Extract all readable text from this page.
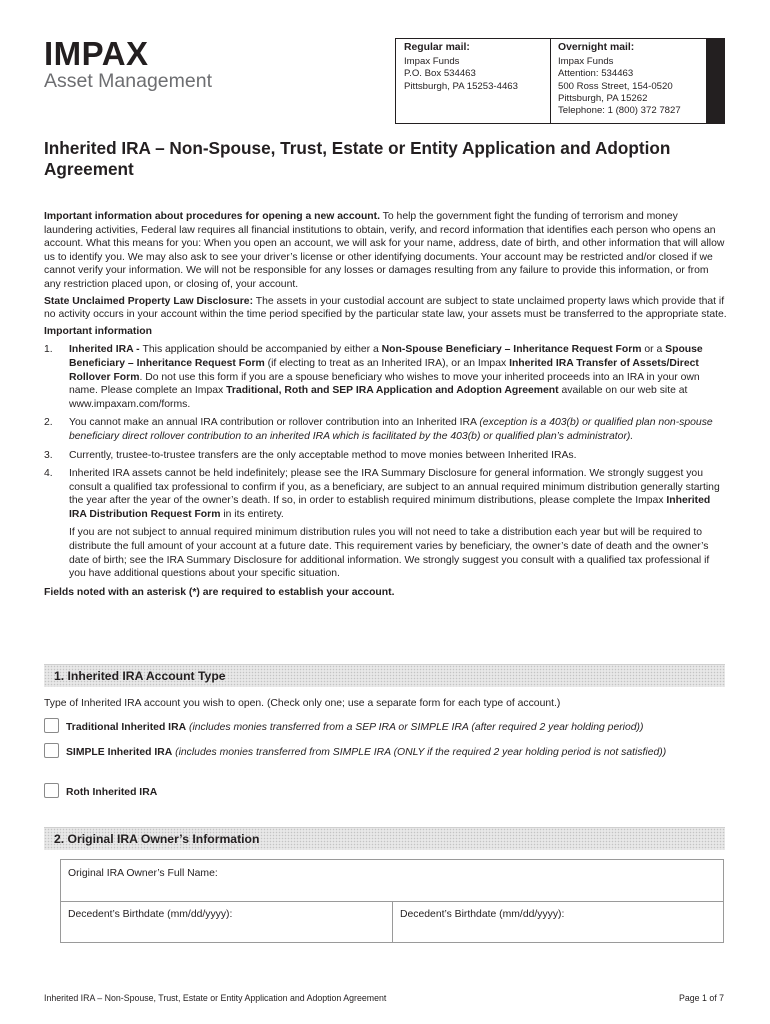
IMPAX
Asset Management
Regular mail:
Impax Funds
P.O. Box 534463
Pittsburgh, PA 15253-4463
Overnight mail:
Impax Funds
Attention: 534463
500 Ross Street, 154-0520
Pittsburgh, PA 15262
Telephone: 1 (800) 372 7827
Inherited IRA – Non-Spouse, Trust, Estate or Entity Application and Adoption Agreement

Important information about procedures for opening a new account. To help the government fight the funding of terrorism and money laundering activities, Federal law requires all financial institutions to obtain, verify, and record information that identifies each person who opens an account. What this means for you: When you open an account, we will ask for your name, address, date of birth, and other information that will allow us to identify you. We may also ask to see your driver’s license or other identifying documents. Your account may be restricted and/or closed if we cannot verify your information. We will not be responsible for any losses or damages resulting from any failure to provide this information, or from any restriction placed upon, or closing of, your account.

State Unclaimed Property Law Disclosure: The assets in your custodial account are subject to state unclaimed property laws which provide that if no activity occurs in your account within the time period specified by the particular state law, your assets must be transferred to the appropriate state.

Important information

1. Inherited IRA - This application should be accompanied by either a Non-Spouse Beneficiary – Inheritance Request Form or a Spouse Beneficiary – Inheritance Request Form (if electing to treat as an Inherited IRA), or an Impax Inherited IRA Transfer of Assets/Direct Rollover Form. Do not use this form if you are a spouse beneficiary who wishes to move your inherited proceeds into an IRA in your own name. Please complete an Impax Traditional, Roth and SEP IRA Application and Adoption Agreement available on our web site at www.impaxam.com/forms.
2. You cannot make an annual IRA contribution or rollover contribution into an Inherited IRA (exception is a 403(b) or qualified plan non-spouse beneficiary direct rollover contribution to an inherited IRA which is facilitated by the 403(b) or qualified plan’s administrator).
3. Currently, trustee-to-trustee transfers are the only acceptable method to move monies between Inherited IRAs.
4. Inherited IRA assets cannot be held indefinitely; please see the IRA Summary Disclosure for general information. We strongly suggest you consult a qualified tax professional to confirm if you, as a beneficiary, are subject to an annual required minimum distribution generally starting the year after the year of the owner’s death. If so, in order to establish required minimum distributions, please complete the Impax Inherited IRA Distribution Request Form in its entirety.

If you are not subject to annual required minimum distribution rules you will not need to take a distribution each year but will be required to distribute the full amount of your account at a future date. This requirement varies by beneficiary, the owner’s date of death and the owner’s date of birth; see the IRA Summary Disclosure for additional information. We strongly suggest you consult with a qualified tax professional if you have additional questions about your specific situation.

Fields noted with an asterisk (*) are required to establish your account.

1. Inherited IRA Account Type
Type of Inherited IRA account you wish to open. (Check only one; use a separate form for each type of account.)
Traditional Inherited IRA (includes monies transferred from a SEP IRA or SIMPLE IRA (after required 2 year holding period))
SIMPLE Inherited IRA (includes monies transferred from SIMPLE IRA (ONLY if the required 2 year holding period is not satisfied))
Roth Inherited IRA
2. Original IRA Owner’s Information
Original IRA Owner’s Full Name:
Decedent’s Birthdate (mm/dd/yyyy):	Decedent’s Birthdate (mm/dd/yyyy):
Inherited IRA – Non-Spouse, Trust, Estate or Entity Application and Adoption Agreement	Page 1 of 7
